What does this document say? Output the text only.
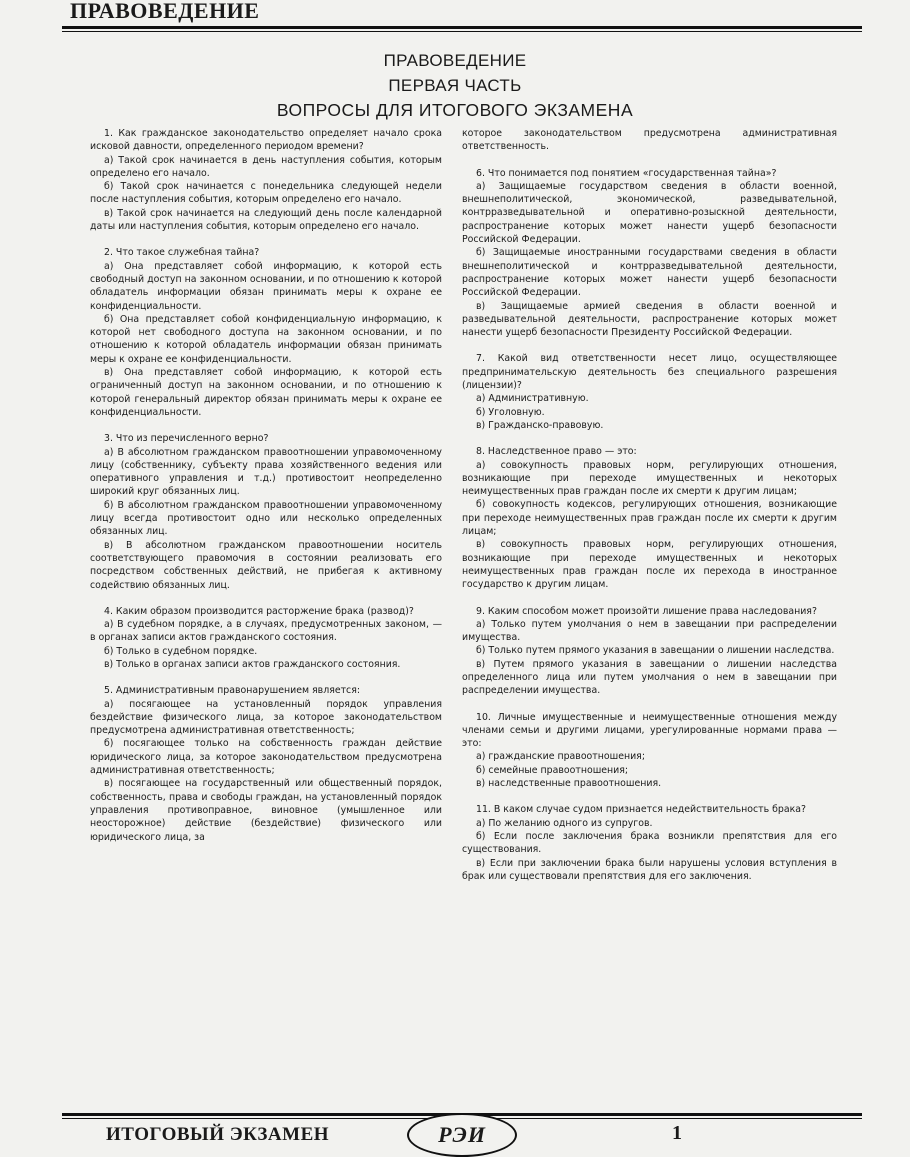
ПРАВОВЕДЕНИЕ
ПРАВОВЕДЕНИЕ
ПЕРВАЯ ЧАСТЬ
ВОПРОСЫ ДЛЯ ИТОГОВОГО ЭКЗАМЕНА

1. Как гражданское законодательство определяет начало срока исковой давности, определенного периодом времени?

а) Такой срок начинается в день наступления события, которым определено его начало.

б) Такой срок начинается с понедельника следующей недели после наступления события, которым определено его начало.

в) Такой срок начинается на следующий день после календарной даты или наступления события, которым определено его начало.

2. Что такое служебная тайна?

а) Она представляет собой информацию, к которой есть свободный доступ на законном основании, и по отношению к которой обладатель информации обязан принимать меры к охране ее конфиденциальности.

б) Она представляет собой конфиденциальную информацию, к которой нет свободного доступа на законном основании, и по отношению к которой обладатель информации обязан принимать меры к охране ее конфиденциальности.

в) Она представляет собой информацию, к которой есть ограниченный доступ на законном основании, и по отношению к которой генеральный директор обязан принимать меры к охране ее конфиденциальности.

3. Что из перечисленного верно?

а) В абсолютном гражданском правоотношении управомоченному лицу (собственнику, субъекту права хозяйственного ведения или оперативного управления и т.д.) противостоит неопределенно широкий круг обязанных лиц.

б) В абсолютном гражданском правоотношении управомоченному лицу всегда противостоит одно или несколько определенных обязанных лиц.

в) В абсолютном гражданском правоотношении носитель соответствующего правомочия в состоянии реализовать его посредством собственных действий, не прибегая к активному содействию обязанных лиц.

4. Каким образом производится расторжение брака (развод)?

а) В судебном порядке, а в случаях, предусмотренных законом, — в органах записи актов гражданского состояния.

б) Только в судебном порядке.

в) Только в органах записи актов гражданского состояния.

5. Административным правонарушением является:

а) посягающее на установленный порядок управления бездействие физического лица, за которое законодательством предусмотрена административная ответственность;

б) посягающее только на собственность граждан действие юридического лица, за которое законодательством предусмотрена административная ответственность;

в) посягающее на государственный или общественный порядок, собственность, права и свободы граждан, на установленный порядок управления противоправное, виновное (умышленное или неосторожное) действие (бездействие) физического или юридического лица, за

которое законодательством предусмотрена административная ответственность.

6. Что понимается под понятием «государственная тайна»?

а) Защищаемые государством сведения в области военной, внешнеполитической, экономической, разведывательной, контрразведывательной и оперативно-розыскной деятельности, распространение которых может нанести ущерб безопасности Российской Федерации.

б) Защищаемые иностранными государствами сведения в области внешнеполитической и контрразведывательной деятельности, распространение которых может нанести ущерб безопасности Российской Федерации.

в) Защищаемые армией сведения в области военной и разведывательной деятельности, распространение которых может нанести ущерб безопасности Президенту Российской Федерации.

7. Какой вид ответственности несет лицо, осуществляющее предпринимательскую деятельность без специального разрешения (лицензии)?

а) Административную.

б) Уголовную.

в) Гражданско-правовую.

8. Наследственное право — это:

а) совокупность правовых норм, регулирующих отношения, возникающие при переходе имущественных и некоторых неимущественных прав граждан после их смерти к другим лицам;

б) совокупность кодексов, регулирующих отношения, возникающие при переходе неимущественных прав граждан после их смерти к другим лицам;

в) совокупность правовых норм, регулирующих отношения, возникающие при переходе имущественных и некоторых неимущественных прав граждан после их перехода в иностранное государство к другим лицам.

9. Каким способом может произойти лишение права наследования?

а) Только путем умолчания о нем в завещании при распределении имущества.

б) Только путем прямого указания в завещании о лишении наследства.

в) Путем прямого указания в завещании о лишении наследства определенного лица или путем умолчания о нем в завещании при распределении имущества.

10. Личные имущественные и неимущественные отношения между членами семьи и другими лицами, урегулированные нормами права — это:

а) гражданские правоотношения;

б) семейные правоотношения;

в) наследственные правоотношения.

11. В каком случае судом признается недействительность брака?

а) По желанию одного из супругов.

б) Если после заключения брака возникли препятствия для его существования.

в) Если при заключении брака были нарушены условия вступления в брак или существовали препятствия для его заключения.

ИТОГОВЫЙ ЭКЗАМЕН	РЭИ	1
